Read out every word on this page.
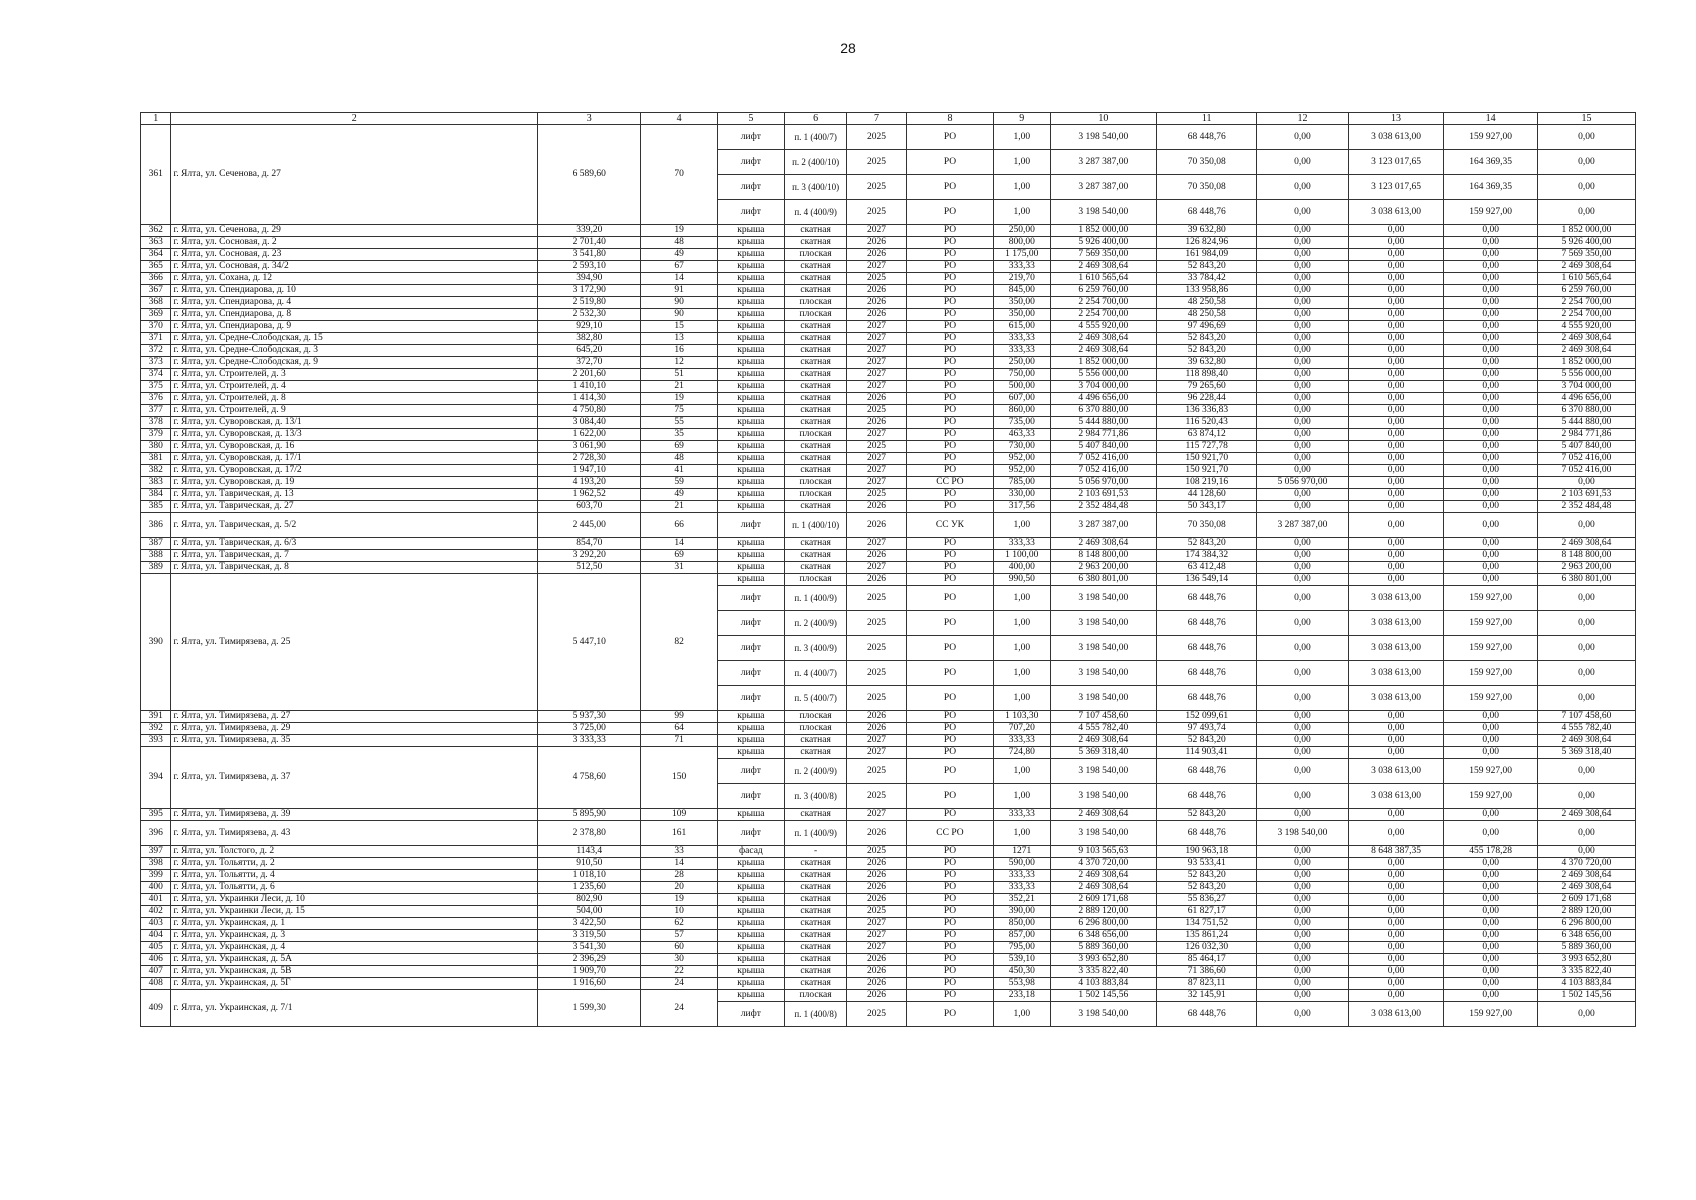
28
1	2	3	4	5	6	7	8	9	10	11	12	13	14	15
361	г. Ялта, ул. Сеченова, д. 27	6 589,60	70	лифт	п. 1 (400/7)	2025	РО	1,00	3 198 540,00	68 448,76	0,00	3 038 613,00	159 927,00	0,00
				лифт	п. 2 (400/10)	2025	РО	1,00	3 287 387,00	70 350,08	0,00	3 123 017,65	164 369,35	0,00
				лифт	п. 3 (400/10)	2025	РО	1,00	3 287 387,00	70 350,08	0,00	3 123 017,65	164 369,35	0,00
				лифт	п. 4 (400/9)	2025	РО	1,00	3 198 540,00	68 448,76	0,00	3 038 613,00	159 927,00	0,00
362	г. Ялта, ул. Сеченова, д. 29	339,20	19	крыша	скатная	2027	РО	250,00	1 852 000,00	39 632,80	0,00	0,00	0,00	1 852 000,00
363	г. Ялта, ул. Сосновая, д. 2	2 701,40	48	крыша	скатная	2026	РО	800,00	5 926 400,00	126 824,96	0,00	0,00	0,00	5 926 400,00
364	г. Ялта, ул. Сосновая, д. 23	3 541,80	49	крыша	плоская	2026	РО	1 175,00	7 569 350,00	161 984,09	0,00	0,00	0,00	7 569 350,00
365	г. Ялта, ул. Сосновая, д. 34/2	2 593,10	67	крыша	скатная	2027	РО	333,33	2 469 308,64	52 843,20	0,00	0,00	0,00	2 469 308,64
366	г. Ялта, ул. Сохана, д. 12	394,90	14	крыша	скатная	2025	РО	219,70	1 610 565,64	33 784,42	0,00	0,00	0,00	1 610 565,64
367	г. Ялта, ул. Спендиарова, д. 10	3 172,90	91	крыша	скатная	2026	РО	845,00	6 259 760,00	133 958,86	0,00	0,00	0,00	6 259 760,00
368	г. Ялта, ул. Спендиарова, д. 4	2 519,80	90	крыша	плоская	2026	РО	350,00	2 254 700,00	48 250,58	0,00	0,00	0,00	2 254 700,00
369	г. Ялта, ул. Спендиарова, д. 8	2 532,30	90	крыша	плоская	2026	РО	350,00	2 254 700,00	48 250,58	0,00	0,00	0,00	2 254 700,00
370	г. Ялта, ул. Спендиарова, д. 9	929,10	15	крыша	скатная	2027	РО	615,00	4 555 920,00	97 496,69	0,00	0,00	0,00	4 555 920,00
371	г. Ялта, ул. Средне-Слободская, д. 15	382,80	13	крыша	скатная	2027	РО	333,33	2 469 308,64	52 843,20	0,00	0,00	0,00	2 469 308,64
372	г. Ялта, ул. Средне-Слободская, д. 3	645,20	16	крыша	скатная	2027	РО	333,33	2 469 308,64	52 843,20	0,00	0,00	0,00	2 469 308,64
373	г. Ялта, ул. Средне-Слободская, д. 9	372,70	12	крыша	скатная	2027	РО	250,00	1 852 000,00	39 632,80	0,00	0,00	0,00	1 852 000,00
374	г. Ялта, ул. Строителей, д. 3	2 201,60	51	крыша	скатная	2027	РО	750,00	5 556 000,00	118 898,40	0,00	0,00	0,00	5 556 000,00
375	г. Ялта, ул. Строителей, д. 4	1 410,10	21	крыша	скатная	2027	РО	500,00	3 704 000,00	79 265,60	0,00	0,00	0,00	3 704 000,00
376	г. Ялта, ул. Строителей, д. 8	1 414,30	19	крыша	скатная	2026	РО	607,00	4 496 656,00	96 228,44	0,00	0,00	0,00	4 496 656,00
377	г. Ялта, ул. Строителей, д. 9	4 750,80	75	крыша	скатная	2025	РО	860,00	6 370 880,00	136 336,83	0,00	0,00	0,00	6 370 880,00
378	г. Ялта, ул. Суворовская, д. 13/1	3 084,40	55	крыша	скатная	2026	РО	735,00	5 444 880,00	116 520,43	0,00	0,00	0,00	5 444 880,00
379	г. Ялта, ул. Суворовская, д. 13/3	1 622,00	35	крыша	плоская	2027	РО	463,33	2 984 771,86	63 874,12	0,00	0,00	0,00	2 984 771,86
380	г. Ялта, ул. Суворовская, д. 16	3 061,90	69	крыша	скатная	2025	РО	730,00	5 407 840,00	115 727,78	0,00	0,00	0,00	5 407 840,00
381	г. Ялта, ул. Суворовская, д. 17/1	2 728,30	48	крыша	скатная	2027	РО	952,00	7 052 416,00	150 921,70	0,00	0,00	0,00	7 052 416,00
382	г. Ялта, ул. Суворовская, д. 17/2	1 947,10	41	крыша	скатная	2027	РО	952,00	7 052 416,00	150 921,70	0,00	0,00	0,00	7 052 416,00
383	г. Ялта, ул. Суворовская, д. 19	4 193,20	59	крыша	плоская	2027	СС РО	785,00	5 056 970,00	108 219,16	5 056 970,00	0,00	0,00	0,00
384	г. Ялта, ул. Таврическая, д. 13	1 962,52	49	крыша	плоская	2025	РО	330,00	2 103 691,53	44 128,60	0,00	0,00	0,00	2 103 691,53
385	г. Ялта, ул. Таврическая, д. 27	603,70	21	крыша	скатная	2026	РО	317,56	2 352 484,48	50 343,17	0,00	0,00	0,00	2 352 484,48
386	г. Ялта, ул. Таврическая, д. 5/2	2 445,00	66	лифт	п. 1 (400/10)	2026	СС УК	1,00	3 287 387,00	70 350,08	3 287 387,00	0,00	0,00	0,00
387	г. Ялта, ул. Таврическая, д. 6/3	854,70	14	крыша	скатная	2027	РО	333,33	2 469 308,64	52 843,20	0,00	0,00	0,00	2 469 308,64
388	г. Ялта, ул. Таврическая, д. 7	3 292,20	69	крыша	скатная	2026	РО	1 100,00	8 148 800,00	174 384,32	0,00	0,00	0,00	8 148 800,00
389	г. Ялта, ул. Таврическая, д. 8	512,50	31	крыша	скатная	2027	РО	400,00	2 963 200,00	63 412,48	0,00	0,00	0,00	2 963 200,00
390	г. Ялта, ул. Тимирязева, д. 25	5 447,10	82	крыша	плоская	2026	РО	990,50	6 380 801,00	136 549,14	0,00	0,00	0,00	6 380 801,00
				лифт	п. 1 (400/9)	2025	РО	1,00	3 198 540,00	68 448,76	0,00	3 038 613,00	159 927,00	0,00
				лифт	п. 2 (400/9)	2025	РО	1,00	3 198 540,00	68 448,76	0,00	3 038 613,00	159 927,00	0,00
				лифт	п. 3 (400/9)	2025	РО	1,00	3 198 540,00	68 448,76	0,00	3 038 613,00	159 927,00	0,00
				лифт	п. 4 (400/7)	2025	РО	1,00	3 198 540,00	68 448,76	0,00	3 038 613,00	159 927,00	0,00
				лифт	п. 5 (400/7)	2025	РО	1,00	3 198 540,00	68 448,76	0,00	3 038 613,00	159 927,00	0,00
391	г. Ялта, ул. Тимирязева, д. 27	5 937,30	99	крыша	плоская	2026	РО	1 103,30	7 107 458,60	152 099,61	0,00	0,00	0,00	7 107 458,60
392	г. Ялта, ул. Тимирязева, д. 29	3 725,00	64	крыша	плоская	2026	РО	707,20	4 555 782,40	97 493,74	0,00	0,00	0,00	4 555 782,40
393	г. Ялта, ул. Тимирязева, д. 35	3 333,33	71	крыша	скатная	2027	РО	333,33	2 469 308,64	52 843,20	0,00	0,00	0,00	2 469 308,64
394	г. Ялта, ул. Тимирязева, д. 37	4 758,60	150	крыша	скатная	2027	РО	724,80	5 369 318,40	114 903,41	0,00	0,00	0,00	5 369 318,40
				лифт	п. 2 (400/9)	2025	РО	1,00	3 198 540,00	68 448,76	0,00	3 038 613,00	159 927,00	0,00
				лифт	п. 3 (400/8)	2025	РО	1,00	3 198 540,00	68 448,76	0,00	3 038 613,00	159 927,00	0,00
395	г. Ялта, ул. Тимирязева, д. 39	5 895,90	109	крыша	скатная	2027	РО	333,33	2 469 308,64	52 843,20	0,00	0,00	0,00	2 469 308,64
396	г. Ялта, ул. Тимирязева, д. 43	2 378,80	161	лифт	п. 1 (400/9)	2026	СС РО	1,00	3 198 540,00	68 448,76	3 198 540,00	0,00	0,00	0,00
397	г. Ялта, ул. Толстого, д. 2	1143,4	33	фасад	-	2025	РО	1271	9 103 565,63	190 963,18	0,00	8 648 387,35	455 178,28	0,00
398	г. Ялта, ул. Тольятти, д. 2	910,50	14	крыша	скатная	2026	РО	590,00	4 370 720,00	93 533,41	0,00	0,00	0,00	4 370 720,00
399	г. Ялта, ул. Тольятти, д. 4	1 018,10	28	крыша	скатная	2026	РО	333,33	2 469 308,64	52 843,20	0,00	0,00	0,00	2 469 308,64
400	г. Ялта, ул. Тольятти, д. 6	1 235,60	20	крыша	скатная	2026	РО	333,33	2 469 308,64	52 843,20	0,00	0,00	0,00	2 469 308,64
401	г. Ялта, ул. Украинки Леси, д. 10	802,90	19	крыша	скатная	2026	РО	352,21	2 609 171,68	55 836,27	0,00	0,00	0,00	2 609 171,68
402	г. Ялта, ул. Украинки Леси, д. 15	504,00	10	крыша	скатная	2025	РО	390,00	2 889 120,00	61 827,17	0,00	0,00	0,00	2 889 120,00
403	г. Ялта, ул. Украинская, д. 1	3 422,50	62	крыша	скатная	2027	РО	850,00	6 296 800,00	134 751,52	0,00	0,00	0,00	6 296 800,00
404	г. Ялта, ул. Украинская, д. 3	3 319,50	57	крыша	скатная	2027	РО	857,00	6 348 656,00	135 861,24	0,00	0,00	0,00	6 348 656,00
405	г. Ялта, ул. Украинская, д. 4	3 541,30	60	крыша	скатная	2027	РО	795,00	5 889 360,00	126 032,30	0,00	0,00	0,00	5 889 360,00
406	г. Ялта, ул. Украинская, д. 5А	2 396,29	30	крыша	скатная	2026	РО	539,10	3 993 652,80	85 464,17	0,00	0,00	0,00	3 993 652,80
407	г. Ялта, ул. Украинская, д. 5В	1 909,70	22	крыша	скатная	2026	РО	450,30	3 335 822,40	71 386,60	0,00	0,00	0,00	3 335 822,40
408	г. Ялта, ул. Украинская, д. 5Г	1 916,60	24	крыша	скатная	2026	РО	553,98	4 103 883,84	87 823,11	0,00	0,00	0,00	4 103 883,84
409	г. Ялта, ул. Украинская, д. 7/1	1 599,30	24	крыша	плоская	2026	РО	233,18	1 502 145,56	32 145,91	0,00	0,00	0,00	1 502 145,56
				лифт	п. 1 (400/8)	2025	РО	1,00	3 198 540,00	68 448,76	0,00	3 038 613,00	159 927,00	0,00
